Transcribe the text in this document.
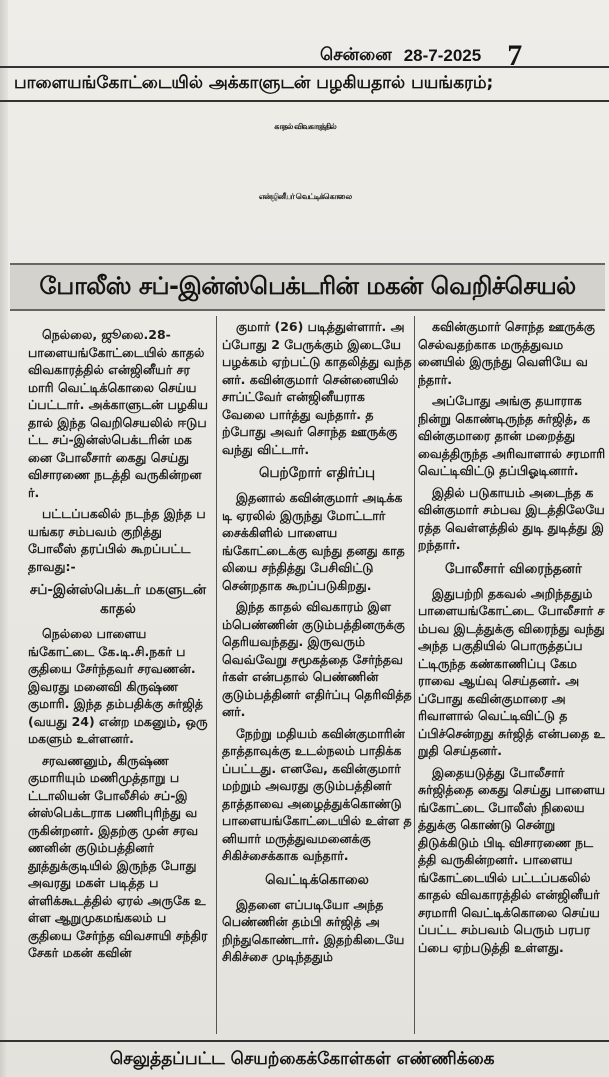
சென்னை 28-7-2025 7
பாளையங்கோட்டையில் அக்காளுடன் பழகியதால் பயங்கரம்;
காதல் விவகாரத்தில்
என்ஜினீயர் வெட்டிக்கொலை
போலீஸ் சப்-இன்ஸ்பெக்டரின் மகன் வெறிச்செயல்

நெல்லை, ஜூலை.28- பாளையங்கோட்டையில் காதல் விவகாரத்தில் என்ஜினீயர் சரமாரி வெட்டிக்கொலை செய்யப்பட்டார். அக்காளுடன் பழகியதால் இந்த வெறிசெயலில் ஈடுபட்ட சப்-இன்ஸ்பெக்டரின் மகனை போலீசார் கைது செய்து விசாரணை நடத்தி வருகின்றனர்.

பட்டப்பகலில் நடந்த இந்த பயங்கர சம்பவம் குறித்து போலீஸ் தரப்பில் கூறப்பட்டதாவது:-

சப்-இன்ஸ்பெக்டர் மகளுடன் காதல்

நெல்லை பாளையங்கோட்டை கே.டி.சி.நகர் பகுதியை சேர்ந்தவர் சரவணன். இவரது மனைவி கிருஷ்ணகுமாரி. இந்த தம்பதிக்கு சுர்ஜித் (வயது 24) என்ற மகனும், ஒரு மகளும் உள்ளனர்.

சரவணனும், கிருஷ்ணகுமாரியும் மணிமுத்தாறு பட்டாலியன் போலீசில் சப்-இன்ஸ்பெக்டராக பணிபுரிந்து வருகின்றனர். இதற்கு முன் சரவணனின் குடும்பத்தினர் தூத்துக்குடியில் இருந்த போது அவரது மகள் படித்த பள்ளிக்கூடத்தில் ஏரல் அருகே உள்ள ஆறுமுகமங்கலம் பகுதியை சேர்ந்த விவசாயி சந்திரசேகர் மகன் கவின்

குமார் (26) படித்துள்ளார். அப்போது 2 பேருக்கும் இடையே பழக்கம் ஏற்பட்டு காதலித்து வந்தனர். கவின்குமார் சென்னையில் சாப்ட்வேர் என்ஜினீயராக வேலை பார்த்து வந்தார். தற்போது அவர் சொந்த ஊருக்கு வந்து விட்டார்.

பெற்றோர் எதிர்ப்பு

இதனால் கவின்குமார் அடிக்கடி ஏரலில் இருந்து மோட்டார் சைக்கிளில் பாளையங்கோட்டைக்கு வந்து தனது காதலியை சந்தித்து பேசிவிட்டு சென்றதாக கூறப்படுகிறது.

இந்த காதல் விவகாரம் இளம்பெண்ணின் குடும்பத்தினருக்கு தெரியவந்தது. இருவரும் வெவ்வேறு சமூகத்தை சேர்ந்தவர்கள் என்பதால் பெண்ணின் குடும்பத்தினர் எதிர்ப்பு தெரிவித்தனர்.

நேற்று மதியம் கவின்குமாரின் தாத்தாவுக்கு உடல்நலம் பாதிக்கப்பட்டது. எனவே, கவின்குமார் மற்றும் அவரது குடும்பத்தினர் தாத்தாவை அழைத்துக்கொண்டு பாளையங்கோட்டையில் உள்ள தனியார் மருத்துவமனைக்கு சிகிச்சைக்காக வந்தார்.

வெட்டிக்கொலை

இதனை எப்படியோ அந்த பெண்ணின் தம்பி சுர்ஜித் அறிந்துகொண்டார். இதற்கிடையே சிகிச்சை முடிந்ததும்

கவின்குமார் சொந்த ஊருக்கு செல்வதற்காக மருத்துவமனையில் இருந்து வெளியே வந்தார்.

அப்போது அங்கு தயாராக நின்று கொண்டிருந்த சுர்ஜித், கவின்குமாரை தான் மறைத்து வைத்திருந்த அரிவாளால் சரமாரி வெட்டிவிட்டு தப்பிஓடினார்.

இதில் படுகாயம் அடைந்த கவின்குமார் சம்பவ இடத்திலேயே ரத்த வெள்ளத்தில் துடி துடித்து இறந்தார்.

போலீசார் விரைந்தனர்

இதுபற்றி தகவல் அறிந்ததும் பாளையங்கோட்டை போலீசார் சம்பவ இடத்துக்கு விரைந்து வந்து அந்த பகுதியில் பொருத்தப்பட்டிருந்த கண்காணிப்பு கேமராவை ஆய்வு செய்தனர். அப்போது கவின்குமாரை அரிவாளால் வெட்டிவிட்டு தப்பிச்சென்றது சுர்ஜித் என்பதை உறுதி செய்தனர்.

இதையடுத்து போலீசார் சுர்ஜித்தை கைது செய்து பாளையங்கோட்டை போலீஸ் நிலையத்துக்கு கொண்டு சென்று திடுக்கிடும் பிடி விசாரணை நடத்தி வருகின்றனர். பாளையங்கோட்டையில் பட்டப்பகலில் காதல் விவகாரத்தில் என்ஜினீயர் சரமாரி வெட்டிக்கொலை செய்யப்பட்ட சம்பவம் பெரும் பரபரப்பை ஏற்படுத்தி உள்ளது.

செலுத்தப்பட்ட செயற்கைக்கோள்கள் எண்ணிக்கை
